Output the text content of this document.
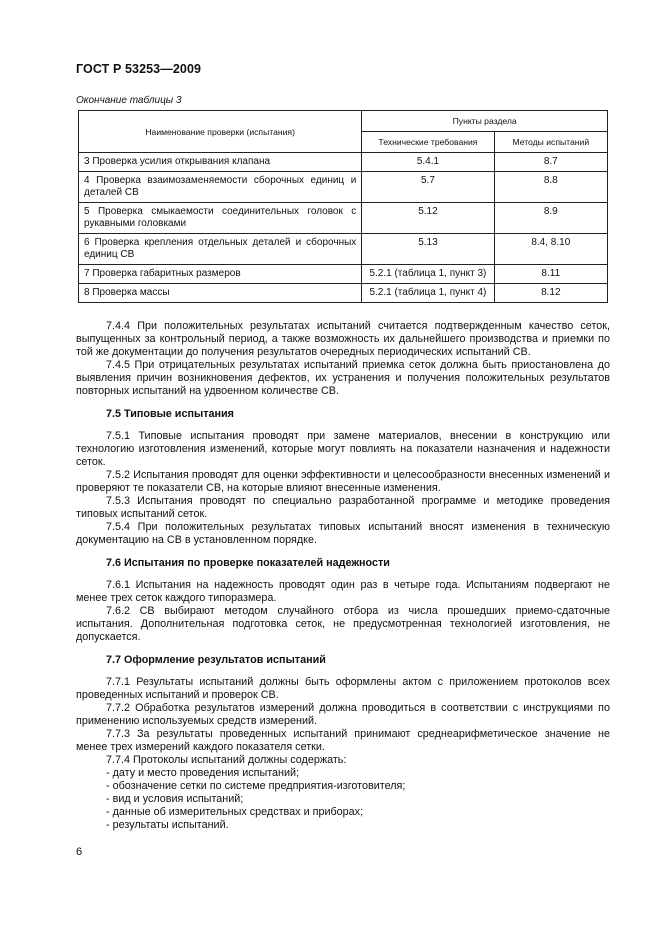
ГОСТ Р 53253—2009
Окончание таблицы 3
Наименование проверки (испытания)	Пункты раздела	
	Технические требования	Методы испытаний
3 Проверка усилия открывания клапана	5.4.1	8.7
4 Проверка взаимозаменяемости сборочных единиц и деталей СВ	5.7	8.8
5 Проверка смыкаемости соединительных головок с рукавными головками	5.12	8.9
6 Проверка крепления отдельных деталей и сборочных единиц СВ	5.13	8.4, 8.10
7 Проверка габаритных размеров	5.2.1 (таблица 1, пункт 3)	8.11
8 Проверка массы	5.2.1 (таблица 1, пункт 4)	8.12

7.4.4 При положительных результатах испытаний считается подтвержденным качество сеток, выпущенных за контрольный период, а также возможность их дальнейшего производства и приемки по той же документации до получения результатов очередных периодических испытаний СВ.

7.4.5 При отрицательных результатах испытаний приемка сеток должна быть приостановлена до выявления причин возникновения дефектов, их устранения и получения положительных результатов повторных испытаний на удвоенном количестве СВ.

7.5 Типовые испытания

7.5.1 Типовые испытания проводят при замене материалов, внесении в конструкцию или технологию изготовления изменений, которые могут повлиять на показатели назначения и надежности сеток.

7.5.2 Испытания проводят для оценки эффективности и целесообразности внесенных изменений и проверяют те показатели СВ, на которые влияют внесенные изменения.

7.5.3 Испытания проводят по специально разработанной программе и методике проведения типовых испытаний сеток.

7.5.4 При положительных результатах типовых испытаний вносят изменения в техническую документацию на СВ в установленном порядке.

7.6 Испытания по проверке показателей надежности

7.6.1 Испытания на надежность проводят один раз в четыре года. Испытаниям подвергают не менее трех сеток каждого типоразмера.

7.6.2 СВ выбирают методом случайного отбора из числа прошедших приемо-сдаточные испытания. Дополнительная подготовка сеток, не предусмотренная технологией изготовления, не допускается.

7.7 Оформление результатов испытаний

7.7.1 Результаты испытаний должны быть оформлены актом с приложением протоколов всех проведенных испытаний и проверок СВ.

7.7.2 Обработка результатов измерений должна проводиться в соответствии с инструкциями по применению используемых средств измерений.

7.7.3 За результаты проведенных испытаний принимают среднеарифметическое значение не менее трех измерений каждого показателя сетки.

7.7.4 Протоколы испытаний должны содержать:

- дату и место проведения испытаний;
- обозначение сетки по системе предприятия-изготовителя;
- вид и условия испытаний;
- данные об измерительных средствах и приборах;
- результаты испытаний.
6
